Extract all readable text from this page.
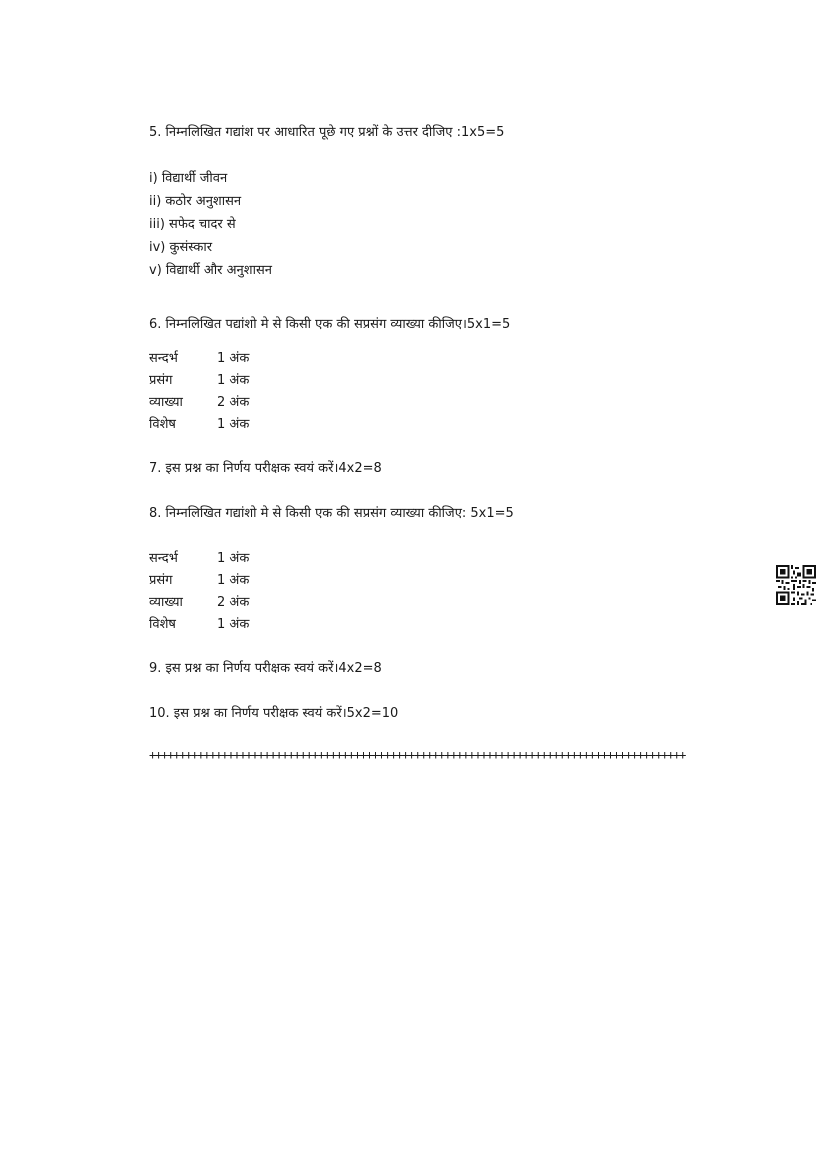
5. निम्नलिखित गद्यांश पर आधारित पूछे गए प्रश्नों के उत्तर दीजिए :1x5=5
i) विद्यार्थी जीवन
ii) कठोर अनुशासन
iii) सफेद चादर से
iv) कुसंस्कार
v) विद्यार्थी और अनुशासन
6. निम्नलिखित पद्यांशो मे से किसी एक की सप्रसंग व्याख्या कीजिए।5x1=5
सन्दर्भ	1 अंक
प्रसंग	1 अंक
व्याख्या	2 अंक
विशेष	1 अंक
7. इस प्रश्न का निर्णय परीक्षक स्वयं करें।4x2=8
8. निम्नलिखित गद्यांशो मे से किसी एक की सप्रसंग व्याख्या कीजिए: 5x1=5
सन्दर्भ	1 अंक
प्रसंग	1 अंक
व्याख्या	2 अंक
विशेष	1 अंक
9. इस प्रश्न का निर्णय परीक्षक स्वयं करें।4x2=8
10. इस प्रश्न का निर्णय परीक्षक स्वयं करें।5x2=10
+++++++++++++++++++++++++++++++++++++++++++++++++++++++++++++++++++++++++++++++++++++++++
